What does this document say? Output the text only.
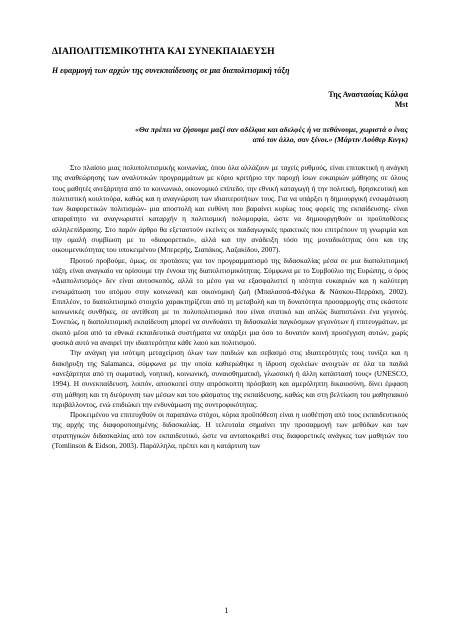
ΔΙΑΠΟΛΙΤΙΣΜΙΚΟΤΗΤΑ ΚΑΙ ΣΥΝΕΚΠΑΙΔΕΥΣΗ
Η εφαρμογή των αρχών της συνεκπαίδευσης σε μια διαπολιτισμική τάξη
Της Αναστασίας Κάλφα
Mst
«Θα πρέπει να ζήσουμε μαζί σαν αδέλφια και αδελφές ή να πεθάνουμε, χωριστά ο ένας
από τον άλλο, σαν ξένοι.» (Μάρτιν Λούθερ Κινγκ)

Στο πλαίσιο μιας πολυπολιτισμικής κοινωνίας, όπου όλα αλλάζουν με ταχείς ρυθμούς, είναι επιτακτική η ανάγκη της αναθεώρησης των αναλυτικών προγραμμάτων με κύριο κριτήριο την παροχή ίσων ευκαιριών μάθησης σε όλους τους μαθητές ανεξάρτητα από το κοινωνικό, οικονομικό επίπεδο, την εθνική καταγωγή ή την πολιτική, θρησκευτική και πολιτιστική κουλτούρα, καθώς και η αναγνώριση των ιδιαιτεροτήτων τους. Για να υπάρξει η δημιουργική ενσωμάτωση των διαφορετικών πολιτισμών- μια αποστολή και ευθύνη που βαραίνει κυρίως τους φορείς της εκπαίδευσης- είναι απαραίτητο να αναγνωριστεί καταρχήν η πολιτισμική πολυμορφία, ώστε να δημιουργηθούν οι προϋποθέσεις αλληλεπίδρασης. Στο παρόν άρθρο θα εξεταστούν εκείνες οι παιδαγωγικές πρακτικές που επιτρέπουν τη γνωριμία και την ομαλή συμβίωση με το «διαφορετικό», αλλά και την ανάδειξη τόσο της μοναδικότητας όσο και της οικουμενικότητας του υποκειμένου (Μπερερής, Σιαπάκος, Λαζακίδου, 2007).

Προτού προβούμε, όμως, σε προτάσεις για τον προγραμματισμό της διδασκαλίας μέσα σε μια διαπολιτισμική τάξη, είναι αναγκαίο να ορίσουμε την έννοια της διαπολιτισμικότητας. Σύμφωνα με το Συμβούλιο της Ευρώπης, ο όρος «Διαπολιτισμός» δεν είναι αυτοσκοπός, αλλά το μέσο για να εξασφαλιστεί η ισότητα ευκαιριών και η καλύτερη ενσωμάτωση του ατόμου στην κοινωνική και οικονομική ζωή (Μπαλασσά-Φλέγκα & Νάσκου-Περράκη, 2002). Επιπλέον, το διαπολιτισμικό στοιχείο χαρακτηρίζεται από τη μεταβολή και τη δυνατότητα προσαρμογής στις εκάστοτε κοινωνικές συνθήκες, σε αντίθεση με το πολυπολιτισμικό που είναι στατικό και απλώς διαπιστώνει ένα γεγονός. Συνεπώς, η διαπολιτισμική εκπαίδευση μπορεί να συνδυάσει τη διδασκαλία παγκόσμιων γεγονότων ή επιτευγμάτων, με σκοπό μέσα από τα εθνικά εκπαιδευτικά συστήματα να υπάρξει μια όσο το δυνατόν κοινή προσέγγιση αυτών, χωρίς φυσικά αυτό να αναιρεί την ιδιαιτερότητα κάθε λαού και πολιτισμού.

Την ανάγκη για ισότιμη μεταχείριση όλων των παιδιών και σεβασμό στις ιδιαιτερότητές τους τονίζει και η διακήρυξη της Salamanca, σύμφωνα με την οποία καθιερώθηκε η ίδρυση σχολείων ανοιχτών σε όλα τα παιδιά «ανεξάρτητα από τη σωματική, νοητική, κοινωνική, συναισθηματική, γλωσσική ή άλλη κατάστασή τους» (UNESCO, 1994). Η συνεκπαίδευση, λοιπόν, αποσκοπεί στην απρόσκοπτη πρόσβαση και αμερόληπτη δικαιοσύνη, δίνει έμφαση στη μάθηση και τη διεύρυνση των μέσων και του φάσματος της εκπαίδευσης, καθώς και στη βελτίωση του μαθησιακού περιβάλλοντος, ενώ επιδιώκει την ενδυνάμωση της συντροφικότητας.

Προκειμένου να επιτευχθούν οι παραπάνω στόχοι, κύρια προϋπόθεση είναι η υιοθέτηση από τους εκπαιδευτικούς της αρχής της διαφοροποιημένης διδασκαλίας. Η τελευταία σημαίνει την προσαρμογή των μεθόδων και των στρατηγικών διδασκαλίας από τον εκπαιδευτικό, ώστε να ανταποκριθεί στις διαφορετικές ανάγκες των μαθητών του (Tomlinson & Eidson, 2003). Παράλληλα, πρέπει και η κατάρτιση των

1
